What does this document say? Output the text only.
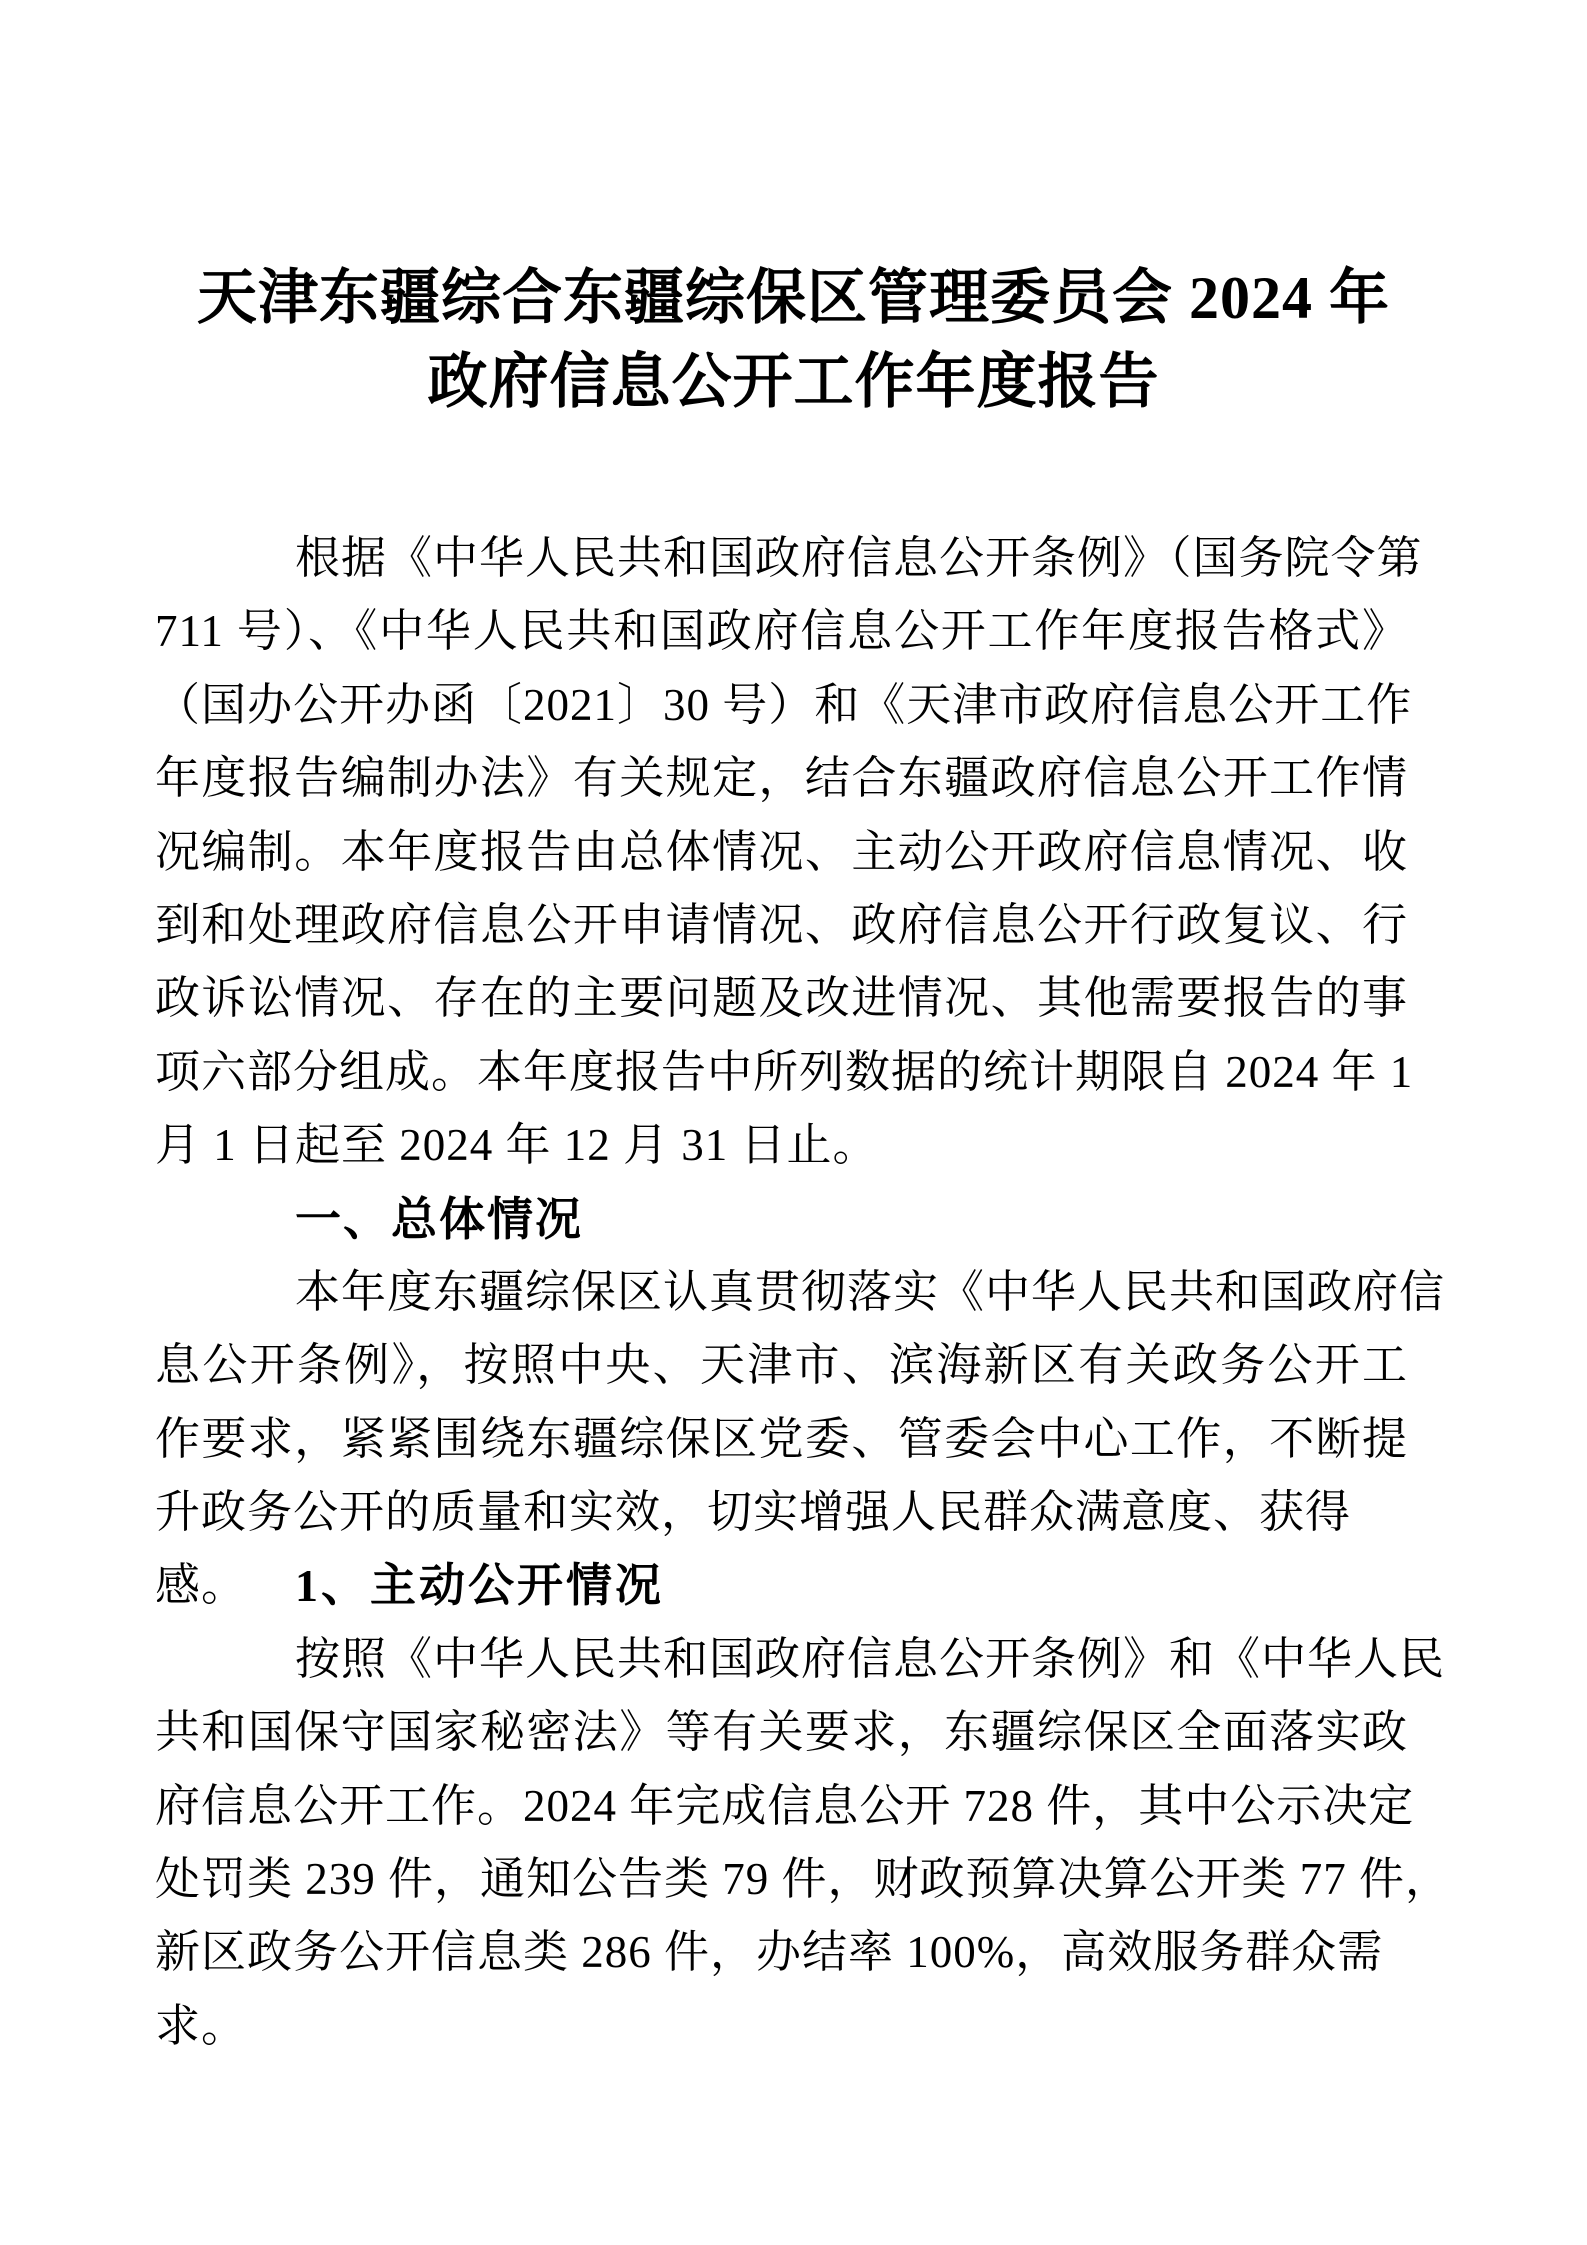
天津东疆综合东疆综保区管理委员会 2024 年
政府信息公开工作年度报告
根据《中华人民共和国政府信息公开条例》（国务院令第
711 号）、《中华人民共和国政府信息公开工作年度报告格式》
（国办公开办函〔2021〕30 号）和《天津市政府信息公开工作
年度报告编制办法》有关规定，结合东疆政府信息公开工作情
况编制。本年度报告由总体情况、主动公开政府信息情况、收
到和处理政府信息公开申请情况、政府信息公开行政复议、行
政诉讼情况、存在的主要问题及改进情况、其他需要报告的事
项六部分组成。本年度报告中所列数据的统计期限自 2024 年 1
月 1 日起至 2024 年 12 月 31 日止。
一、总体情况
本年度东疆综保区认真贯彻落实《中华人民共和国政府信
息公开条例》，按照中央、天津市、滨海新区有关政务公开工
作要求，紧紧围绕东疆综保区党委、管委会中心工作，不断提
升政务公开的质量和实效，切实增强人民群众满意度、获得感。	1、主动公开情况
按照《中华人民共和国政府信息公开条例》和《中华人民
共和国保守国家秘密法》等有关要求，东疆综保区全面落实政
府信息公开工作。2024 年完成信息公开 728 件，其中公示决定
处罚类 239 件，通知公告类 79 件，财政预算决算公开类 77 件，
新区政务公开信息类 286 件，办结率 100%，高效服务群众需求。
